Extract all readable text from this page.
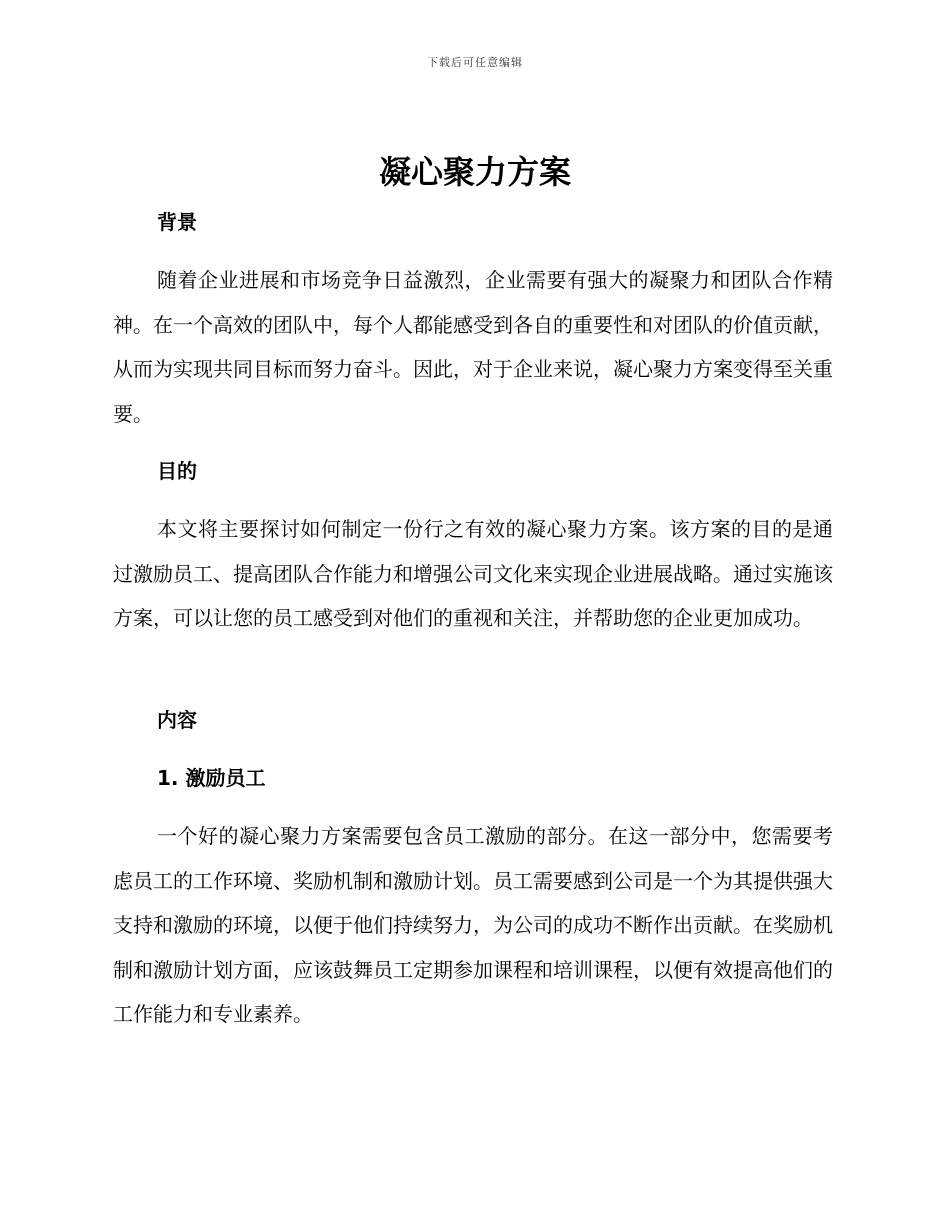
下载后可任意编辑
凝心聚力方案
背景

随着企业进展和市场竞争日益激烈，企业需要有强大的凝聚力和团队合作精神。在一个高效的团队中，每个人都能感受到各自的重要性和对团队的价值贡献，从而为实现共同目标而努力奋斗。因此，对于企业来说，凝心聚力方案变得至关重要。

目的

本文将主要探讨如何制定一份行之有效的凝心聚力方案。该方案的目的是通过激励员工、提高团队合作能力和增强公司文化来实现企业进展战略。通过实施该方案，可以让您的员工感受到对他们的重视和关注，并帮助您的企业更加成功。

内容
1. 激励员工

一个好的凝心聚力方案需要包含员工激励的部分。在这一部分中，您需要考虑员工的工作环境、奖励机制和激励计划。员工需要感到公司是一个为其提供强大支持和激励的环境，以便于他们持续努力，为公司的成功不断作出贡献。在奖励机制和激励计划方面，应该鼓舞员工定期参加课程和培训课程，以便有效提高他们的工作能力和专业素养。
